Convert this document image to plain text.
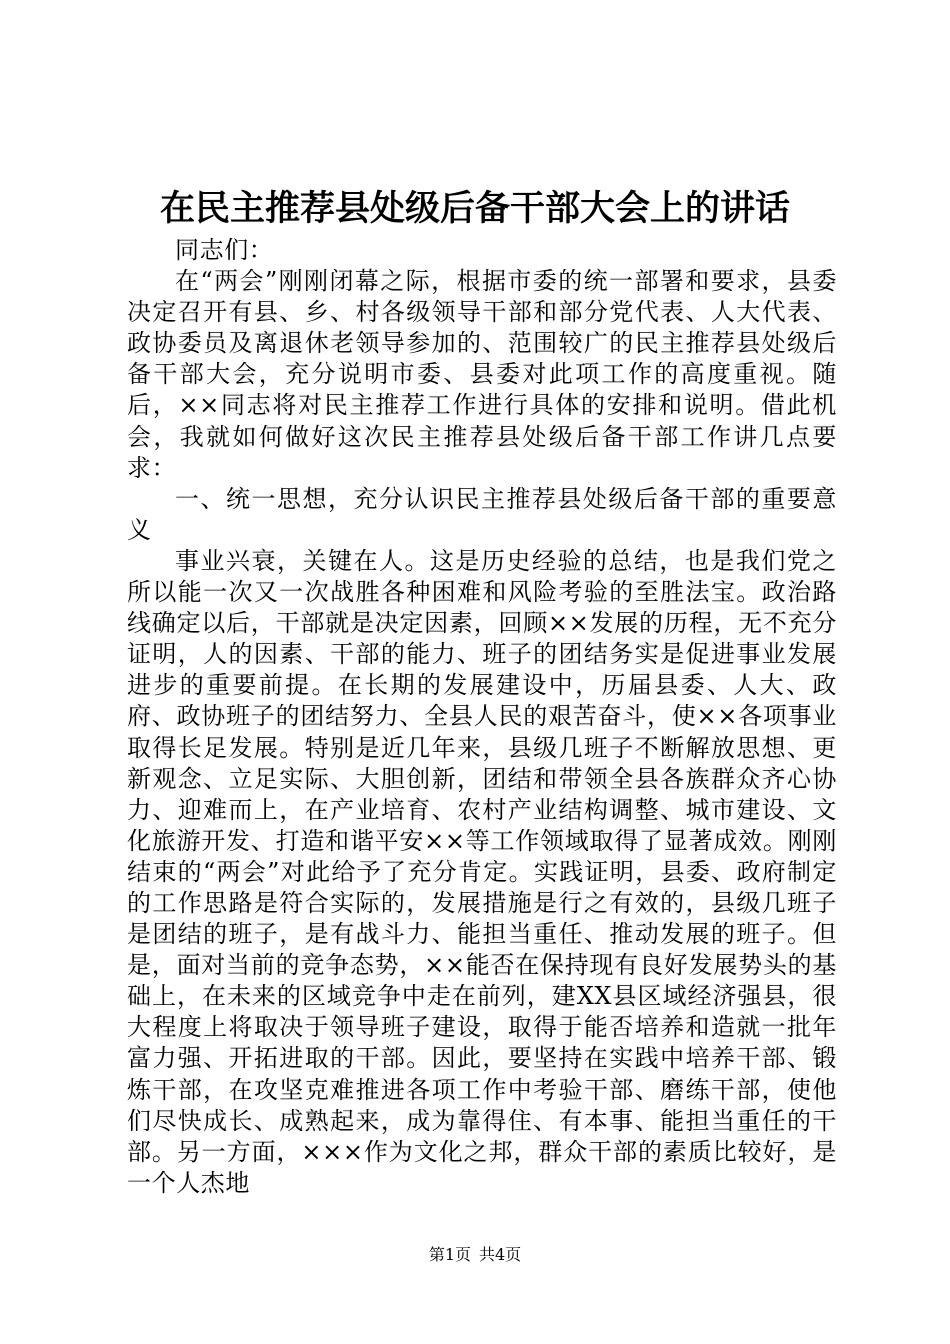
在民主推荐县处级后备干部大会上的讲话

同志们：

在“两会”刚刚闭幕之际，根据市委的统一部署和要求，县委决定召开有县、乡、村各级领导干部和部分党代表、人大代表、政协委员及离退休老领导参加的、范围较广的民主推荐县处级后备干部大会，充分说明市委、县委对此项工作的高度重视。随后，××同志将对民主推荐工作进行具体的安排和说明。借此机会，我就如何做好这次民主推荐县处级后备干部工作讲几点要求：

一、统一思想，充分认识民主推荐县处级后备干部的重要意义

事业兴衰，关键在人。这是历史经验的总结，也是我们党之所以能一次又一次战胜各种困难和风险考验的至胜法宝。政治路线确定以后，干部就是决定因素，回顾××发展的历程，无不充分证明，人的因素、干部的能力、班子的团结务实是促进事业发展进步的重要前提。在长期的发展建设中，历届县委、人大、政府、政协班子的团结努力、全县人民的艰苦奋斗，使××各项事业取得长足发展。特别是近几年来，县级几班子不断解放思想、更新观念、立足实际、大胆创新，团结和带领全县各族群众齐心协力、迎难而上，在产业培育、农村产业结构调整、城市建设、文化旅游开发、打造和谐平安××等工作领域取得了显著成效。刚刚结束的“两会”对此给予了充分肯定。实践证明，县委、政府制定的工作思路是符合实际的，发展措施是行之有效的，县级几班子是团结的班子，是有战斗力、能担当重任、推动发展的班子。但是，面对当前的竞争态势，××能否在保持现有良好发展势头的基础上，在未来的区域竞争中走在前列，建XX县区域经济强县，很大程度上将取决于领导班子建设，取得于能否培养和造就一批年富力强、开拓进取的干部。因此，要坚持在实践中培养干部、锻炼干部，在攻坚克难推进各项工作中考验干部、磨练干部，使他们尽快成长、成熟起来，成为靠得住、有本事、能担当重任的干部。另一方面，×××作为文化之邦，群众干部的素质比较好，是一个人杰地

第1页 共4页
